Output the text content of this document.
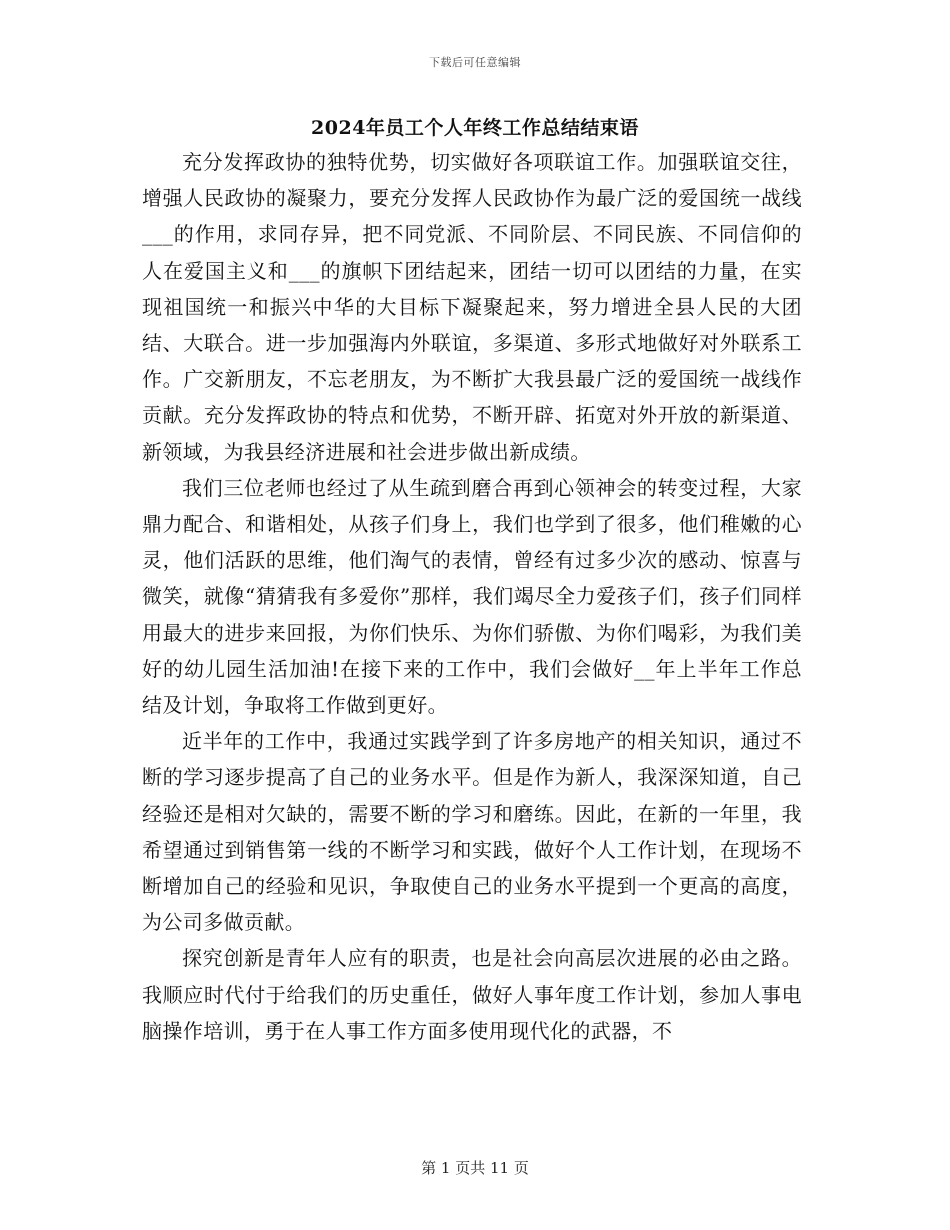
下载后可任意编辑
2024年员工个人年终工作总结结束语

充分发挥政协的独特优势，切实做好各项联谊工作。加强联谊交往，增强人民政协的凝聚力，要充分发挥人民政协作为最广泛的爱国统一战线___的作用，求同存异，把不同党派、不同阶层、不同民族、不同信仰的人在爱国主义和___的旗帜下团结起来，团结一切可以团结的力量，在实现祖国统一和振兴中华的大目标下凝聚起来，努力增进全县人民的大团结、大联合。进一步加强海内外联谊，多渠道、多形式地做好对外联系工作。广交新朋友，不忘老朋友，为不断扩大我县最广泛的爱国统一战线作贡献。充分发挥政协的特点和优势，不断开辟、拓宽对外开放的新渠道、新领域，为我县经济进展和社会进步做出新成绩。

我们三位老师也经过了从生疏到磨合再到心领神会的转变过程，大家鼎力配合、和谐相处，从孩子们身上，我们也学到了很多，他们稚嫩的心灵，他们活跃的思维，他们淘气的表情，曾经有过多少次的感动、惊喜与微笑，就像“猜猜我有多爱你”那样，我们竭尽全力爱孩子们，孩子们同样用最大的进步来回报，为你们快乐、为你们骄傲、为你们喝彩，为我们美好的幼儿园生活加油!在接下来的工作中，我们会做好__年上半年工作总结及计划，争取将工作做到更好。

近半年的工作中，我通过实践学到了许多房地产的相关知识，通过不断的学习逐步提高了自己的业务水平。但是作为新人，我深深知道，自己经验还是相对欠缺的，需要不断的学习和磨练。因此，在新的一年里，我希望通过到销售第一线的不断学习和实践，做好个人工作计划，在现场不断增加自己的经验和见识，争取使自己的业务水平提到一个更高的高度，为公司多做贡献。

探究创新是青年人应有的职责，也是社会向高层次进展的必由之路。我顺应时代付于给我们的历史重任，做好人事年度工作计划，参加人事电脑操作培训，勇于在人事工作方面多使用现代化的武器，不

第 1 页共 11 页
